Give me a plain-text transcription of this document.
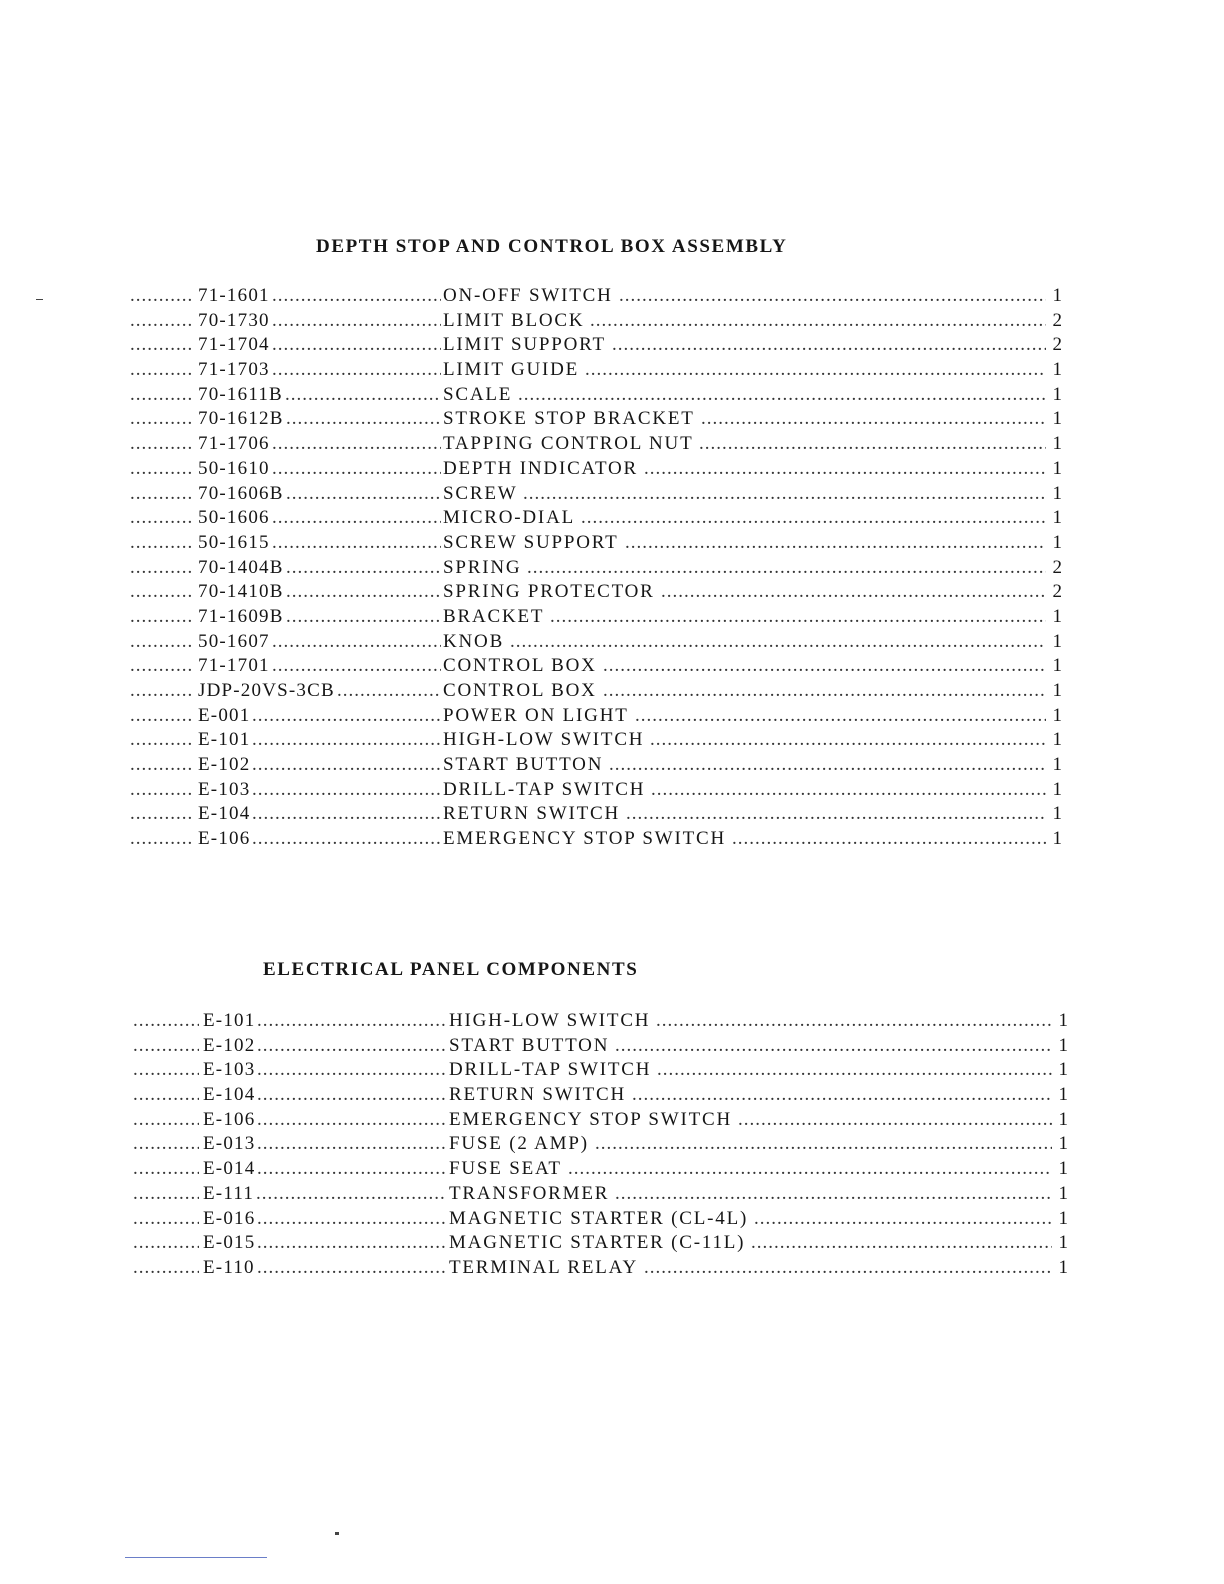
DEPTH STOP AND CONTROL BOX ASSEMBLY
.....
71-1601 .....	ON-OFF SWITCH .....	1
.....
70-1730 .....	LIMIT BLOCK .....	2
.....
71-1704 .....	LIMIT SUPPORT .....	2
.....
71-1703 .....	LIMIT GUIDE .....	1
.....
70-1611B .....	SCALE .....	1
.....
70-1612B .....	STROKE STOP BRACKET .....	1
.....
71-1706 .....	TAPPING CONTROL NUT .....	1
.....
50-1610 .....	DEPTH INDICATOR .....	1
.....
70-1606B .....	SCREW .....	1
.....
50-1606 .....	MICRO-DIAL .....	1
.....
50-1615 .....	SCREW SUPPORT .....	1
.....
70-1404B .....	SPRING .....	2
.....
70-1410B .....	SPRING PROTECTOR .....	2
.....
71-1609B .....	BRACKET .....	1
.....
50-1607 .....	KNOB .....	1
.....
71-1701 .....	CONTROL BOX .....	1
.....
JDP-20VS-3CB .....	CONTROL BOX .....	1
.....
E-001 .....	POWER ON LIGHT .....	1
.....
E-101 .....	HIGH-LOW SWITCH .....	1
.....
E-102 .....	START BUTTON .....	1
.....
E-103 .....	DRILL-TAP SWITCH .....	1
.....
E-104 .....	RETURN SWITCH .....	1
.....
E-106 .....	EMERGENCY STOP SWITCH .....	1
ELECTRICAL PANEL COMPONENTS
.....
E-101 .....	HIGH-LOW SWITCH .....	1
.....
E-102 .....	START BUTTON .....	1
.....
E-103 .....	DRILL-TAP SWITCH .....	1
.....
E-104 .....	RETURN SWITCH .....	1
.....
E-106 .....	EMERGENCY STOP SWITCH .....	1
.....
E-013 .....	FUSE (2 AMP) .....	1
.....
E-014 .....	FUSE SEAT .....	1
.....
E-111 .....	TRANSFORMER .....	1
.....
E-016 .....	MAGNETIC STARTER (CL-4L) .....	1
.....
E-015 .....	MAGNETIC STARTER (C-11L) .....	1
.....
E-110 .....	TERMINAL RELAY .....	1
